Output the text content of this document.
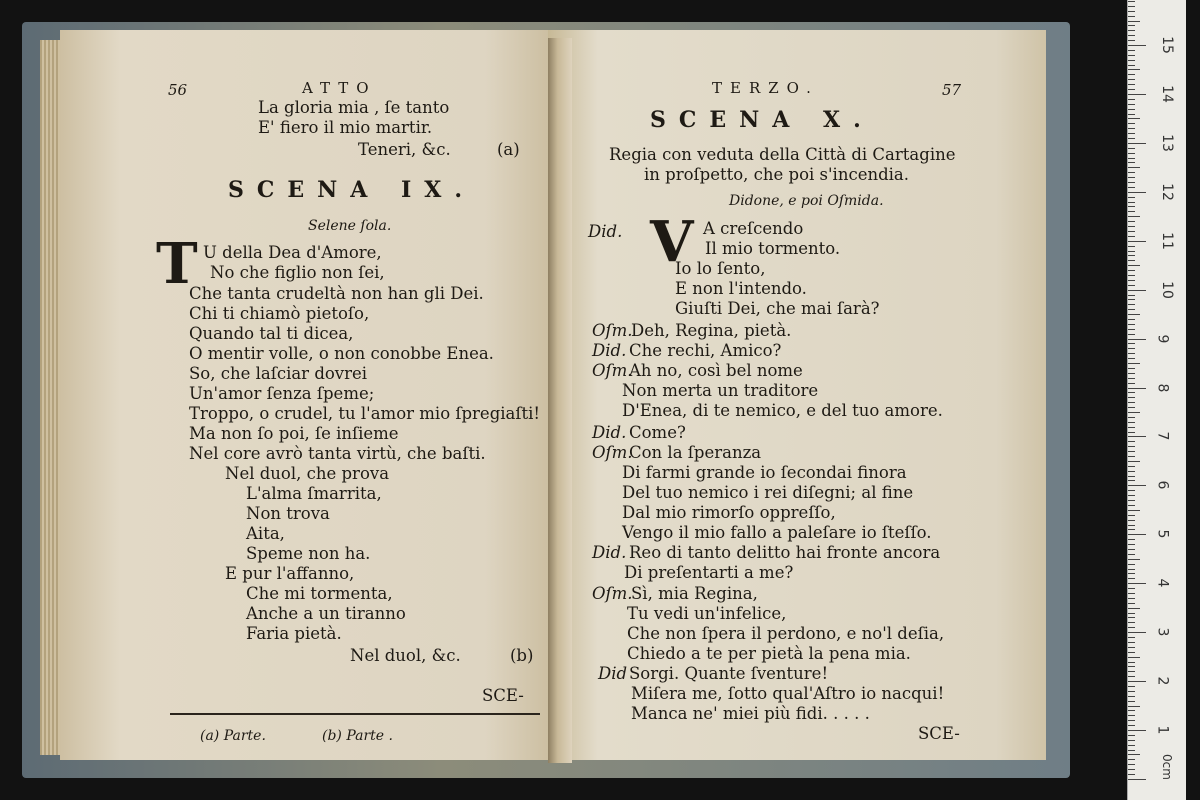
56	ATTO
La gloria mia , ſe tanto
E' fiero il mio martir.
Teneri, &c.	(a)
SCENA IX.
Selene ſola.
T U della Dea d'Amore,
No che figlio non ſei,
Che tanta crudeltà non han gli Dei.
Chi ti chiamò pietoſo,
Quando tal ti dicea,
O mentir volle, o non conobbe Enea.
So, che laſciar dovrei
Un'amor ſenza ſpeme;
Troppo, o crudel, tu l'amor mio ſpregiaſti!
Ma non ſo poi, ſe inſieme
Nel core avrò tanta virtù, che baſti.
Nel duol, che prova
L'alma ſmarrita,
Non trova
Aita,
Speme non ha.
E pur l'affanno,
Che mi tormenta,
Anche a un tiranno
Faria pietà.
Nel duol, &c.	(b)
SCE-
(a) Parte.	(b) Parte .
TERZO.	57
SCENA X.
Regia con veduta della Città di Cartagine
in proſpetto, che poi s'incendia.
Didone, e poi Oſmida.
V
Did.	A creſcendo
Il mio tormento.
Io lo ſento,
E non l'intendo.
Giuſti Dei, che mai ſarà?
Oſm.
Deh, Regina, pietà.
Did. Che rechi, Amico?
Oſm.
Ah no, così bel nome
Non merta un traditore
D'Enea, di te nemico, e del tuo amore.
Did. Come?
Oſm.
Con la ſperanza
Di farmi grande io ſecondai finora
Del tuo nemico i rei diſegni; al fine
Dal mio rimorſo oppreſſo,
Vengo il mio fallo a paleſare io ſteſſo.
Did. Reo di tanto delitto hai fronte ancora
Di preſentarti a me?
Oſm.
Sì, mia Regina,
Tu vedi un'infelice,
Che non ſpera il perdono, e no'l deſia,
Chiedo a te per pietà la pena mia.
Did Sorgi. Quante ſventure!
Miſera me, ſotto qual'Aſtro io nacqui!
Manca ne' miei più fidi. . . . .
SCE-	1
2
3
4
5
6
7
8
9
10
11
12
13
14
15
0cm
